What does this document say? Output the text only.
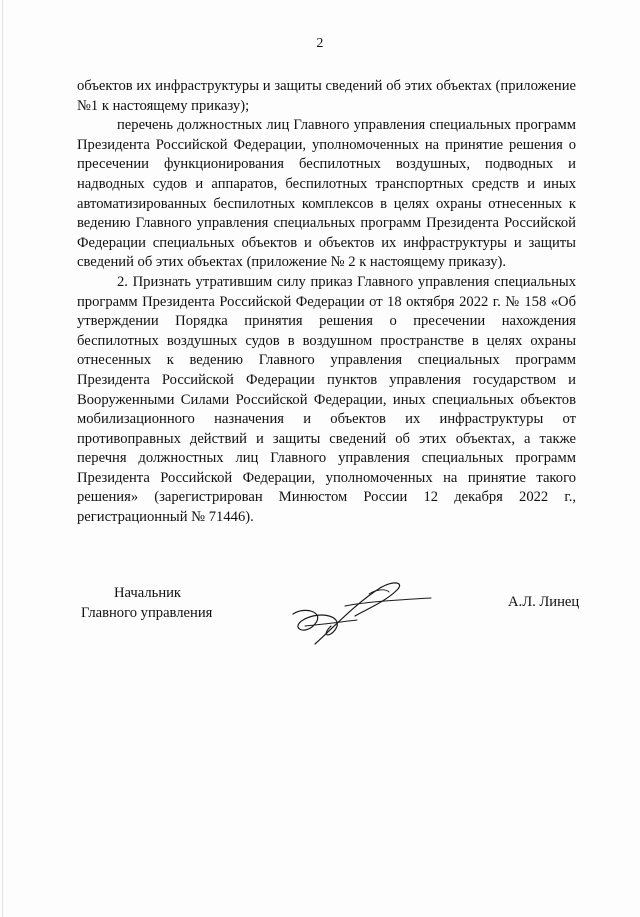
2

объектов их инфраструктуры и защиты сведений об этих объектах (приложение №1 к настоящему приказу);

перечень должностных лиц Главного управления специальных программ Президента Российской Федерации, уполномоченных на принятие решения о пресечении функционирования беспилотных воздушных, подводных и надводных судов и аппаратов, беспилотных транспортных средств и иных автоматизированных беспилотных комплексов в целях охраны отнесенных к ведению Главного управления специальных программ Президента Российской Федерации специальных объектов и объектов их инфраструктуры и защиты сведений об этих объектах (приложение № 2 к настоящему приказу).

2. Признать утратившим силу приказ Главного управления специальных программ Президента Российской Федерации от 18 октября 2022 г. № 158 «Об утверждении Порядка принятия решения о пресечении нахождения беспилотных воздушных судов в воздушном пространстве в целях охраны отнесенных к ведению Главного управления специальных программ Президента Российской Федерации пунктов управления государством и Вооруженными Силами Российской Федерации, иных специальных объектов мобилизационного назначения и объектов их инфраструктуры от противоправных действий и защиты сведений об этих объектах, а также перечня должностных лиц Главного управления специальных программ Президента Российской Федерации, уполномоченных на принятие такого решения» (зарегистрирован Минюстом России 12 декабря 2022 г., регистрационный № 71446).

Начальник
Главного управления
А.Л. Линец
